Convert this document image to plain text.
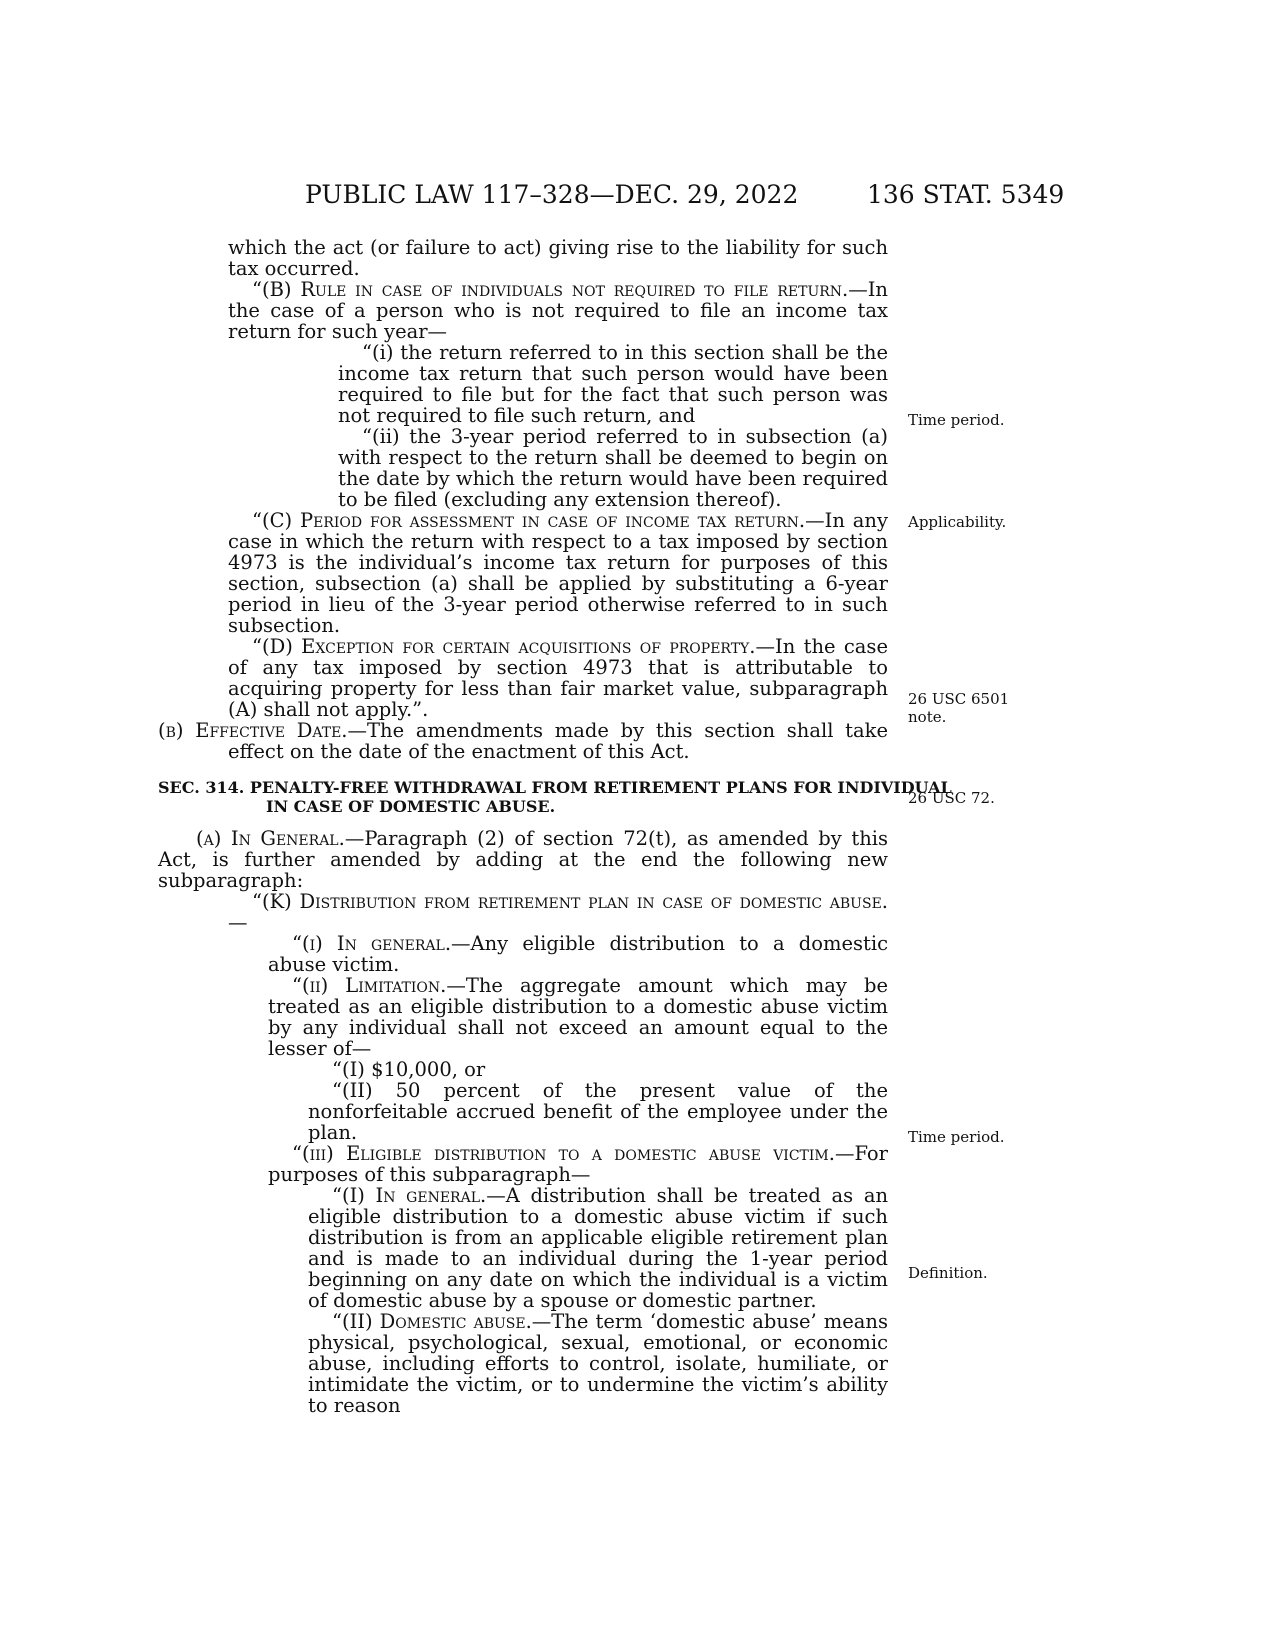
PUBLIC LAW 117–328—DEC. 29, 2022	136 STAT. 5349

which the act (or failure to act) giving rise to the liability for such tax occurred.

“(B) Rule in case of individuals not required to file return.—In the case of a person who is not required to file an income tax return for such year—

“(i) the return referred to in this section shall be the income tax return that such person would have been required to file but for the fact that such person was not required to file such return, and

“(ii) the 3-year period referred to in subsection (a) with respect to the return shall be deemed to begin on the date by which the return would have been required to be filed (excluding any extension thereof).

“(C) Period for assessment in case of income tax return.—In any case in which the return with respect to a tax imposed by section 4973 is the individual’s income tax return for purposes of this section, subsection (a) shall be applied by substituting a 6-year period in lieu of the 3-year period otherwise referred to in such subsection.

“(D) Exception for certain acquisitions of property.—In the case of any tax imposed by section 4973 that is attributable to acquiring property for less than fair market value, subparagraph (A) shall not apply.”.

(b) Effective Date.—The amendments made by this section shall take effect on the date of the enactment of this Act.

SEC. 314. PENALTY-FREE WITHDRAWAL FROM RETIREMENT PLANS FOR INDIVIDUAL IN CASE OF DOMESTIC ABUSE.

(a) In General.—Paragraph (2) of section 72(t), as amended by this Act, is further amended by adding at the end the following new subparagraph:

“(K) Distribution from retirement plan in case of domestic abuse.—

“(i) In general.—Any eligible distribution to a domestic abuse victim.

“(ii) Limitation.—The aggregate amount which may be treated as an eligible distribution to a domestic abuse victim by any individual shall not exceed an amount equal to the lesser of—

“(I) $10,000, or

“(II) 50 percent of the present value of the nonforfeitable accrued benefit of the employee under the plan.

“(iii) Eligible distribution to a domestic abuse victim.—For purposes of this subparagraph—

“(I) In general.—A distribution shall be treated as an eligible distribution to a domestic abuse victim if such distribution is from an applicable eligible retirement plan and is made to an individual during the 1-year period beginning on any date on which the individual is a victim of domestic abuse by a spouse or domestic partner.

“(II) Domestic abuse.—The term ‘domestic abuse’ means physical, psychological, sexual, emotional, or economic abuse, including efforts to control, isolate, humiliate, or intimidate the victim, or to undermine the victim’s ability to reason

Time period.
Applicability.
26 USC 6501
note.
26 USC 72.
Time period.
Definition.
